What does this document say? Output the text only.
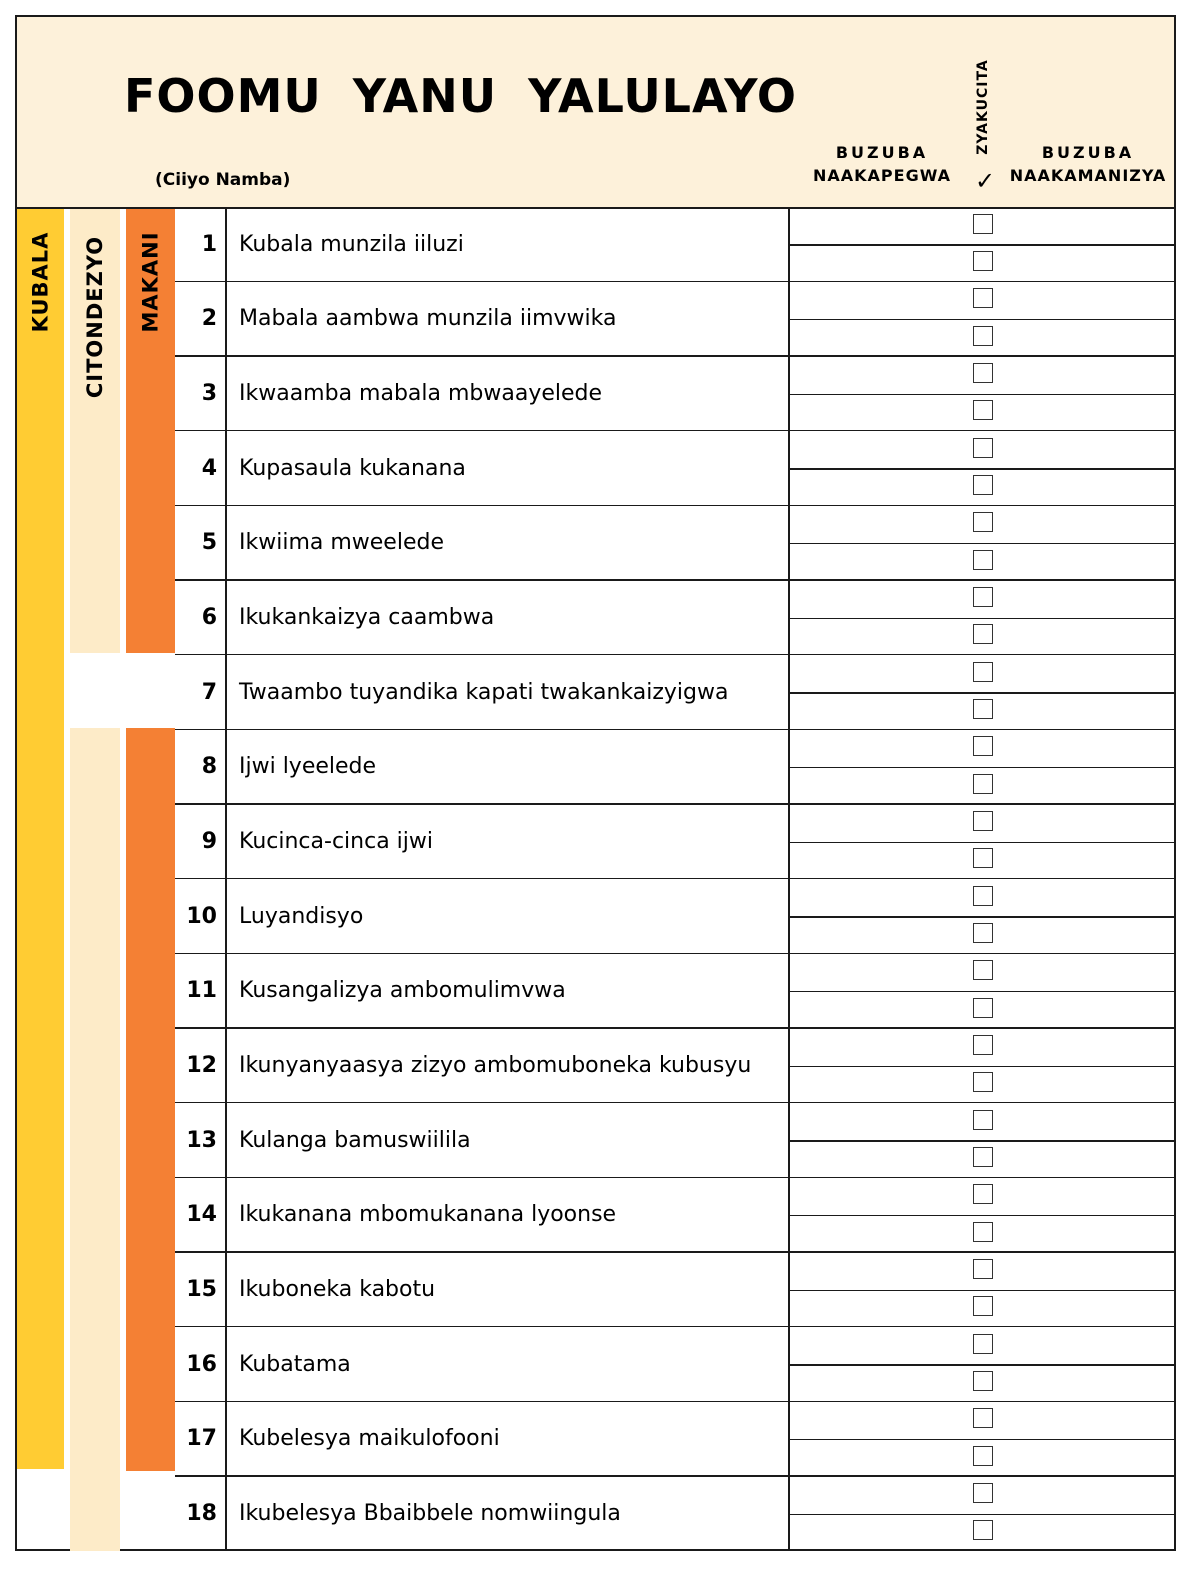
FOOMU YANU YALULAYO
(Ciiyo Namba)
BUZUBA
NAAKAPEGWA
ZYAKUCITA
✓
BUZUBA
NAAKAMANIZYA
KUBALA CITONDEZYO MAKANI	1	Kubala munzila iiluzi
2	Mabala aambwa munzila iimvwika
3	Ikwaamba mabala mbwaayelede
4	Kupasaula kukanana
5	Ikwiima mweelede
6	Ikukankaizya caambwa
7	Twaambo tuyandika kapati twakankaizyigwa
8	Ijwi lyeelede
9	Kucinca-cinca ijwi
10	Luyandisyo
11	Kusangalizya ambomulimvwa
12	Ikunyanyaasya zizyo ambomuboneka kubusyu
13	Kulanga bamuswiilila
14	Ikukanana mbomukanana lyoonse
15	Ikuboneka kabotu
16	Kubatama
17	Kubelesya maikulofooni
18	Ikubelesya Bbaibbele nomwiingula
